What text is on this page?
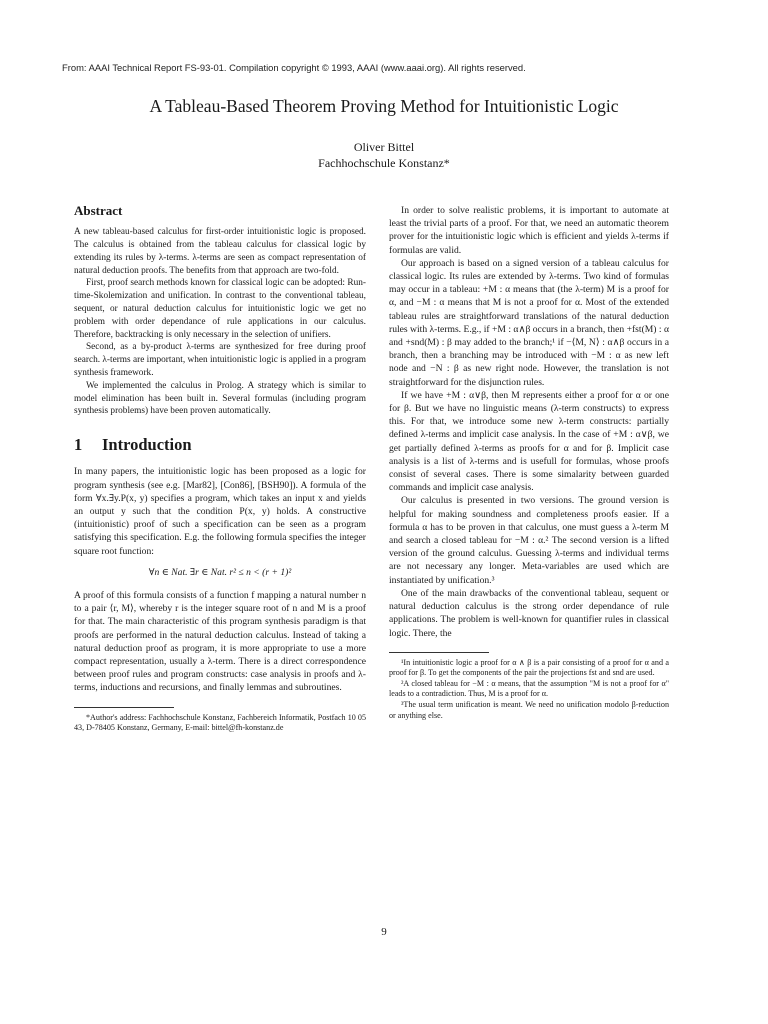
From: AAAI Technical Report FS-93-01. Compilation copyright © 1993, AAAI (www.aaai.org). All rights reserved.
A Tableau-Based Theorem Proving Method for Intuitionistic Logic
Oliver Bittel
Fachhochschule Konstanz*
Abstract

A new tableau-based calculus for first-order intuitionistic logic is proposed. The calculus is obtained from the tableau calculus for classical logic by extending its rules by λ-terms. λ-terms are seen as compact representation of natural deduction proofs. The benefits from that approach are two-fold.

First, proof search methods known for classical logic can be adopted: Run-time-Skolemization and unification. In contrast to the conventional tableau, sequent, or natural deduction calculus for intuitionistic logic we get no problem with order dependance of rule applications in our calculus. Therefore, backtracking is only necessary in the selection of unifiers.

Second, as a by-product λ-terms are synthesized for free during proof search. λ-terms are important, when intuitionistic logic is applied in a program synthesis framework.

We implemented the calculus in Prolog. A strategy which is similar to model elimination has been built in. Several formulas (including program synthesis problems) have been proven automatically.

1 Introduction

In many papers, the intuitionistic logic has been proposed as a logic for program synthesis (see e.g. [Mar82], [Con86], [BSH90]). A formula of the form ∀x.∃y.P(x, y) specifies a program, which takes an input x and yields an output y such that the condition P(x, y) holds. A constructive (intuitionistic) proof of such a specification can be seen as a program satisfying this specification. E.g. the following formula specifies the integer square root function:

∀n ∈ Nat. ∃r ∈ Nat. r² ≤ n < (r + 1)²

A proof of this formula consists of a function f mapping a natural number n to a pair ⟨r, M⟩, whereby r is the integer square root of n and M is a proof for that. The main characteristic of this program synthesis paradigm is that proofs are performed in the natural deduction calculus. Instead of taking a natural deduction proof as program, it is more appropriate to use a more compact representation, usually a λ-term. There is a direct correspondence between proof rules and program constructs: case analysis in proofs and λ-terms, inductions and recursions, and finally lemmas and subroutines.

*Author's address: Fachhochschule Konstanz, Fachbereich Informatik, Postfach 10 05 43, D-78405 Konstanz, Germany, E-mail: bittel@fh-konstanz.de

In order to solve realistic problems, it is important to automate at least the trivial parts of a proof. For that, we need an automatic theorem prover for the intuitionistic logic which is efficient and yields λ-terms if formulas are valid.

Our approach is based on a signed version of a tableau calculus for classical logic. Its rules are extended by λ-terms. Two kind of formulas may occur in a tableau: +M : α means that (the λ-term) M is a proof for α, and −M : α means that M is not a proof for α. Most of the extended tableau rules are straightforward translations of the natural deduction rules with λ-terms. E.g., if +M : α∧β occurs in a branch, then +fst(M) : α and +snd(M) : β may added to the branch;¹ if −⟨M, N⟩ : α∧β occurs in a branch, then a branching may be introduced with −M : α as new left node and −N : β as new right node. However, the translation is not straightforward for the disjunction rules.

If we have +M : α∨β, then M represents either a proof for α or one for β. But we have no linguistic means (λ-term constructs) to express this. For that, we introduce some new λ-term constructs: partially defined λ-terms and implicit case analysis. In the case of +M : α∨β, we get partially defined λ-terms as proofs for α and for β. Implicit case analysis is a list of λ-terms and is usefull for formulas, whose proofs consist of several cases. There is some simalarity between guarded commands and implicit case analysis.

Our calculus is presented in two versions. The ground version is helpful for making soundness and completeness proofs easier. If a formula α has to be proven in that calculus, one must guess a λ-term M and search a closed tableau for −M : α.² The second version is a lifted version of the ground calculus. Guessing λ-terms and individual terms are not necessary any longer. Meta-variables are used which are instantiated by unification.³

One of the main drawbacks of the conventional tableau, sequent or natural deduction calculus is the strong order dependance of rule applications. The problem is well-known for quantifier rules in classical logic. There, the

¹In intuitionistic logic a proof for α ∧ β is a pair consisting of a proof for α and a proof for β. To get the components of the pair the projections fst and snd are used.

²A closed tableau for −M : α means, that the assumption "M is not a proof for α" leads to a contradiction. Thus, M is a proof for α.

³The usual term unification is meant. We need no unification modolo β-reduction or anything else.

9
